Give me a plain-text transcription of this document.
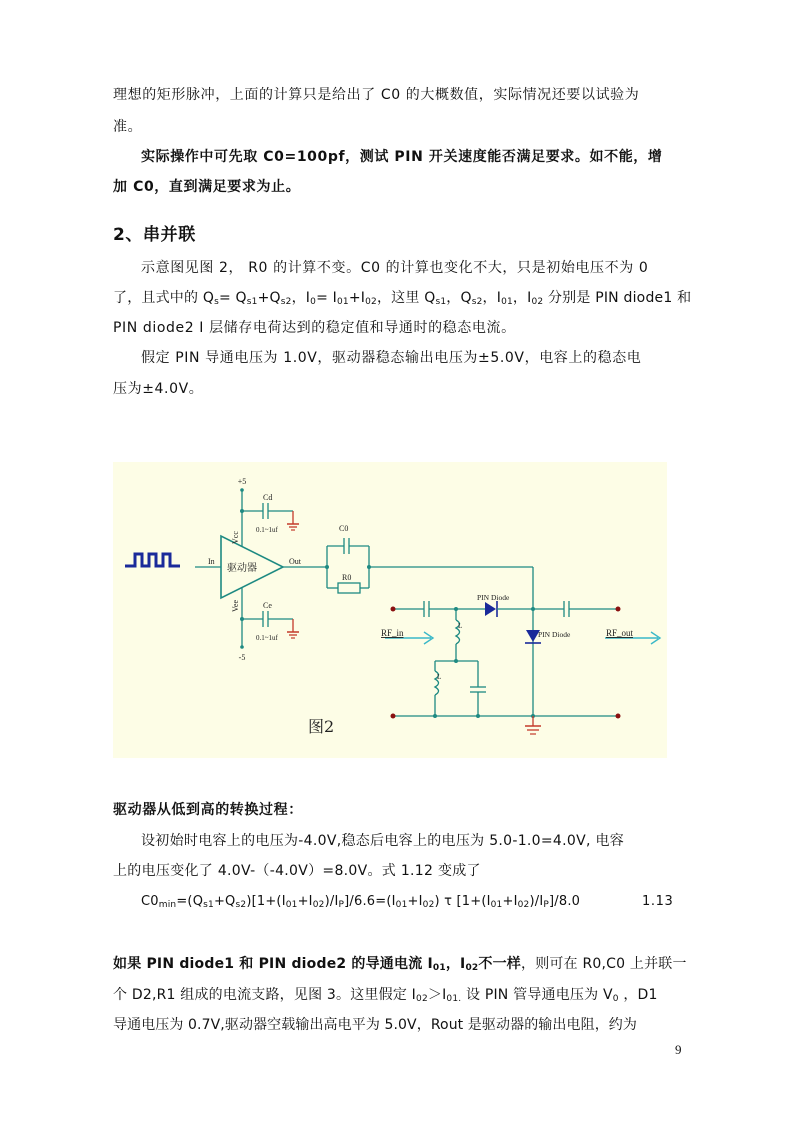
理想的矩形脉冲，上面的计算只是给出了 C0 的大概数值，实际情况还要以试验为
准。
实际操作中可先取 C0=100pf，测试 PIN 开关速度能否满足要求。如不能，增
加 C0，直到满足要求为止。
2、串并联
示意图见图 2， R0 的计算不变。C0 的计算也变化不大，只是初始电压不为 0
了，且式中的 $Q_s= Q_{s1}+Q_{s2}$，$I_0= I_{01}+I_{02}$，这里 $Q_{s1}$，$Q_{s2}$，$I_{01}$，$I_{02}$ 分别是 PIN diode1 和
PIN diode2 I 层储存电荷达到的稳定值和导通时的稳态电流。
假定 PIN 导通电压为 1.0V，驱动器稳态输出电压为±5.0V，电容上的稳态电
压为±4.0V。
+5
Vcc
Vee
-5
Cd
0.1~1uf
Ce
0.1~1uf
In	Out
驱动器
C0
R0
PIN Diode
PIN Diode
RF_in	RF_out
L
L
图2
驱动器从低到高的转换过程：
设初始时电容上的电压为-4.0V,稳态后电容上的电压为 5.0-1.0=4.0V, 电容
上的电压变化了 4.0V-（-4.0V）=8.0V。式 1.12 变成了
$C0_{min}=(Q_{s1}+Q_{s2})[1+(I_{01}+I_{02})/I_P]/6.6=(I_{01}+I_{02})$ τ $[1+(I_{01}+I_{02})/I_P]/8.0$	1.13
如果 PIN diode1 和 PIN diode2 的导通电流 $I_{01}$，$I_{02}$不一样，则可在 R0,C0 上并联一
个 D2,R1 组成的电流支路，见图 3。这里假定 $I_{02}>I_{01.}$ 设 PIN 管导通电压为 $V_0$ ，D1
导通电压为 0.7V,驱动器空载输出高电平为 5.0V，Rout 是驱动器的输出电阻，约为
9
